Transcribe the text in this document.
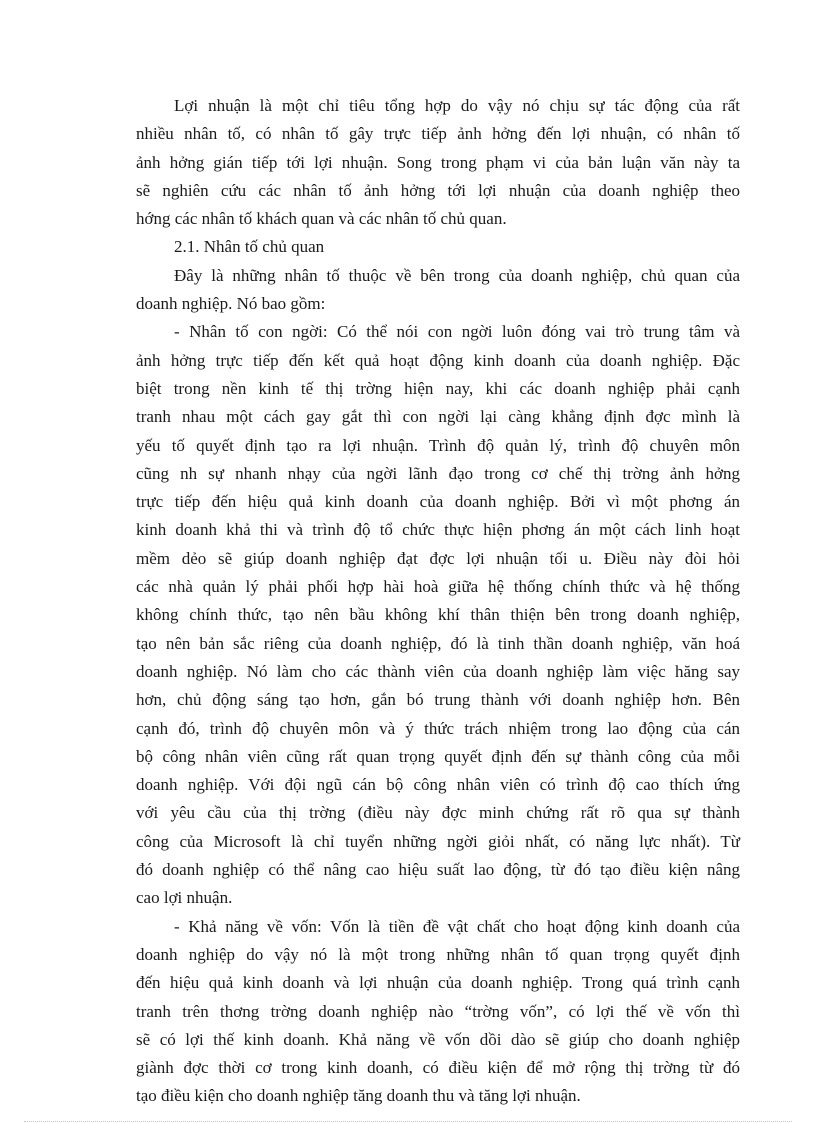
Lợi nhuận là một chỉ tiêu tổng hợp do vậy nó chịu sự tác động của rất
nhiều nhân tố, có nhân tố gây trực tiếp ảnh hởng đến lợi nhuận, có nhân tố
ảnh hởng gián tiếp tới lợi nhuận. Song trong phạm vi của bản luận văn này ta
sẽ nghiên cứu các nhân tố ảnh hởng tới lợi nhuận của doanh nghiệp theo
hớng các nhân tố khách quan và các nhân tố chủ quan.
2.1. Nhân tố chủ quan
Đây là những nhân tố thuộc về bên trong của doanh nghiệp, chủ quan của
doanh nghiệp. Nó bao gồm:
- Nhân tố con ngời: Có thể nói con ngời luôn đóng vai trò trung tâm và
ảnh hởng trực tiếp đến kết quả hoạt động kinh doanh của doanh nghiệp. Đặc
biệt trong nền kinh tế thị trờng hiện nay, khi các doanh nghiệp phải cạnh
tranh nhau một cách gay gắt thì con ngời lại càng khẳng định đợc mình là
yếu tố quyết định tạo ra lợi nhuận. Trình độ quản lý, trình độ chuyên môn
cũng nh sự nhanh nhạy của ngời lãnh đạo trong cơ chế thị trờng ảnh hởng
trực tiếp đến hiệu quả kinh doanh của doanh nghiệp. Bởi vì một phơng án
kinh doanh khả thi và trình độ tổ chức thực hiện phơng án một cách linh hoạt
mềm dẻo sẽ giúp doanh nghiệp đạt đợc lợi nhuận tối u. Điều này đòi hỏi
các nhà quản lý phải phối hợp hài hoà giữa hệ thống chính thức và hệ thống
không chính thức, tạo nên bầu không khí thân thiện bên trong doanh nghiệp,
tạo nên bản sắc riêng của doanh nghiệp, đó là tinh thần doanh nghiệp, văn hoá
doanh nghiệp. Nó làm cho các thành viên của doanh nghiệp làm việc hăng say
hơn, chủ động sáng tạo hơn, gắn bó trung thành với doanh nghiệp hơn. Bên
cạnh đó, trình độ chuyên môn và ý thức trách nhiệm trong lao động của cán
bộ công nhân viên cũng rất quan trọng quyết định đến sự thành công của mỗi
doanh nghiệp. Với đội ngũ cán bộ công nhân viên có trình độ cao thích ứng
với yêu cầu của thị trờng (điều này đợc minh chứng rất rõ qua sự thành
công của Microsoft là chỉ tuyển những ngời giỏi nhất, có năng lực nhất). Từ
đó doanh nghiệp có thể nâng cao hiệu suất lao động, từ đó tạo điều kiện nâng
cao lợi nhuận.
- Khả năng về vốn: Vốn là tiền đề vật chất cho hoạt động kinh doanh của
doanh nghiệp do vậy nó là một trong những nhân tố quan trọng quyết định
đến hiệu quả kinh doanh và lợi nhuận của doanh nghiệp. Trong quá trình cạnh
tranh trên thơng trờng doanh nghiệp nào “trờng vốn”, có lợi thế về vốn thì
sẽ có lợi thế kinh doanh. Khả năng về vốn dồi dào sẽ giúp cho doanh nghiệp
giành đợc thời cơ trong kinh doanh, có điều kiện để mở rộng thị trờng từ đó
tạo điều kiện cho doanh nghiệp tăng doanh thu và tăng lợi nhuận.
